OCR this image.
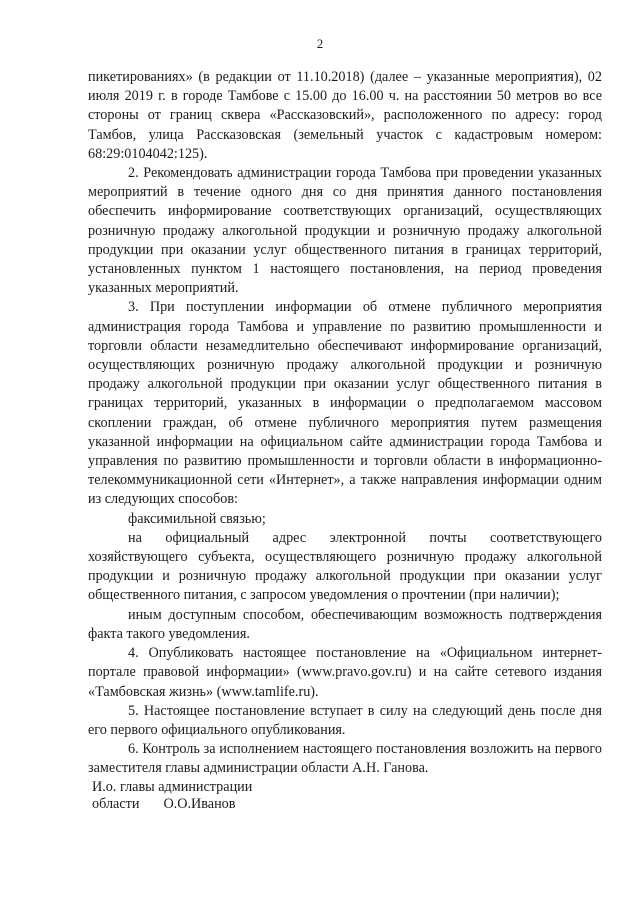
2

пикетированиях» (в редакции от 11.10.2018) (далее – указанные мероприятия), 02 июля 2019 г. в городе Тамбове с 15.00 до 16.00 ч. на расстоянии 50 метров во все стороны от границ сквера «Рассказовский», расположенного по адресу: город Тамбов, улица Рассказовская (земельный участок с кадастровым номером: 68:29:0104042:125).

2. Рекомендовать администрации города Тамбова при проведении указанных мероприятий в течение одного дня со дня принятия данного постановления обеспечить информирование соответствующих организаций, осуществляющих розничную продажу алкогольной продукции и розничную продажу алкогольной продукции при оказании услуг общественного питания в границах территорий, установленных пунктом 1 настоящего постановления, на период проведения указанных мероприятий.

3. При поступлении информации об отмене публичного мероприятия администрация города Тамбова и управление по развитию промышленности и торговли области незамедлительно обеспечивают информирование организаций, осуществляющих розничную продажу алкогольной продукции и розничную продажу алкогольной продукции при оказании услуг общественного питания в границах территорий, указанных в информации о предполагаемом массовом скоплении граждан, об отмене публичного мероприятия путем размещения указанной информации на официальном сайте администрации города Тамбова и управления по развитию промышленности и торговли области в информационно-телекоммуникационной сети «Интернет», а также направления информации одним из следующих способов:

факсимильной связью;

на официальный адрес электронной почты соответствующего хозяйствующего субъекта, осуществляющего розничную продажу алкогольной продукции и розничную продажу алкогольной продукции при оказании услуг общественного питания, с запросом уведомления о прочтении (при наличии);

иным доступным способом, обеспечивающим возможность подтверждения факта такого уведомления.

4. Опубликовать настоящее постановление на «Официальном интернет-портале правовой информации» (www.pravo.gov.ru) и на сайте сетевого издания «Тамбовская жизнь» (www.tamlife.ru).

5. Настоящее постановление вступает в силу на следующий день после дня его первого официального опубликования.

6. Контроль за исполнением настоящего постановления возложить на первого заместителя главы администрации области А.Н. Ганова.

И.о. главы администрации
области О.О.Иванов
